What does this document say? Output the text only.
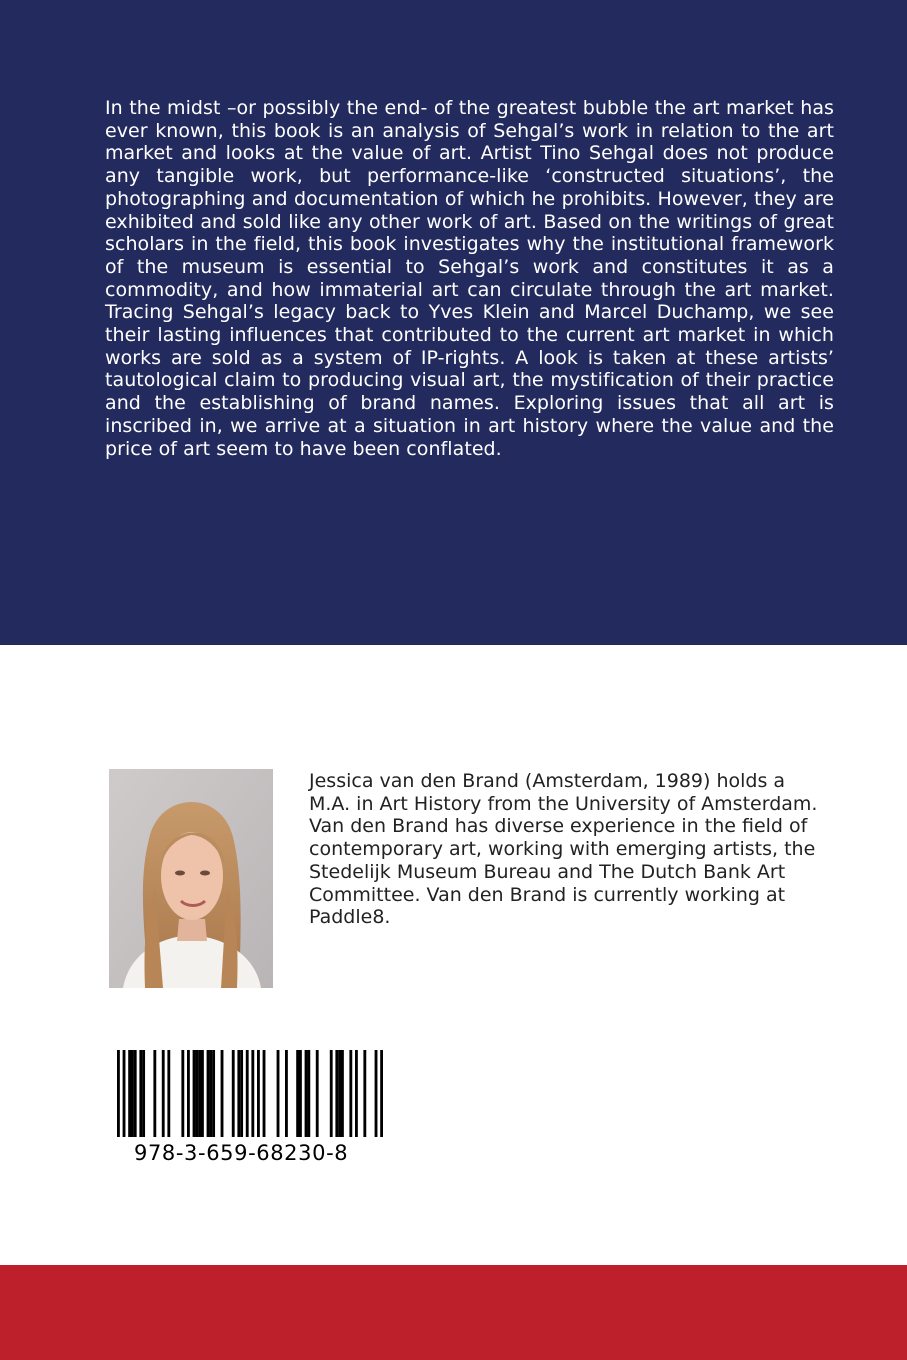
In the midst –or possibly the end- of the greatest bubble the art market has ever known, this book is an analysis of Sehgal’s work in relation to the art market and looks at the value of art. Artist Tino Sehgal does not produce any tangible work, but performance-like ‘constructed situations’, the photographing and documentation of which he prohibits. However, they are exhibited and sold like any other work of art. Based on the writings of great scholars in the field, this book investigates why the institutional framework of the museum is essential to Sehgal’s work and constitutes it as a commodity, and how immaterial art can circulate through the art market. Tracing Sehgal’s legacy back to Yves Klein and Marcel Duchamp, we see their lasting influences that contributed to the current art market in which works are sold as a system of IP-rights. A look is taken at these artists’ tautological claim to producing visual art, the mystification of their practice and the establishing of brand names. Exploring issues that all art is inscribed in, we arrive at a situation in art history where the value and the price of art seem to have been conflated.

Jessica van den Brand (Amsterdam, 1989) holds a
M.A. in Art History from the University of Amsterdam.
Van den Brand has diverse experience in the field of
contemporary art, working with emerging artists, the
Stedelijk Museum Bureau and The Dutch Bank Art
Committee. Van den Brand is currently working at
Paddle8.

978-3-659-68230-8
